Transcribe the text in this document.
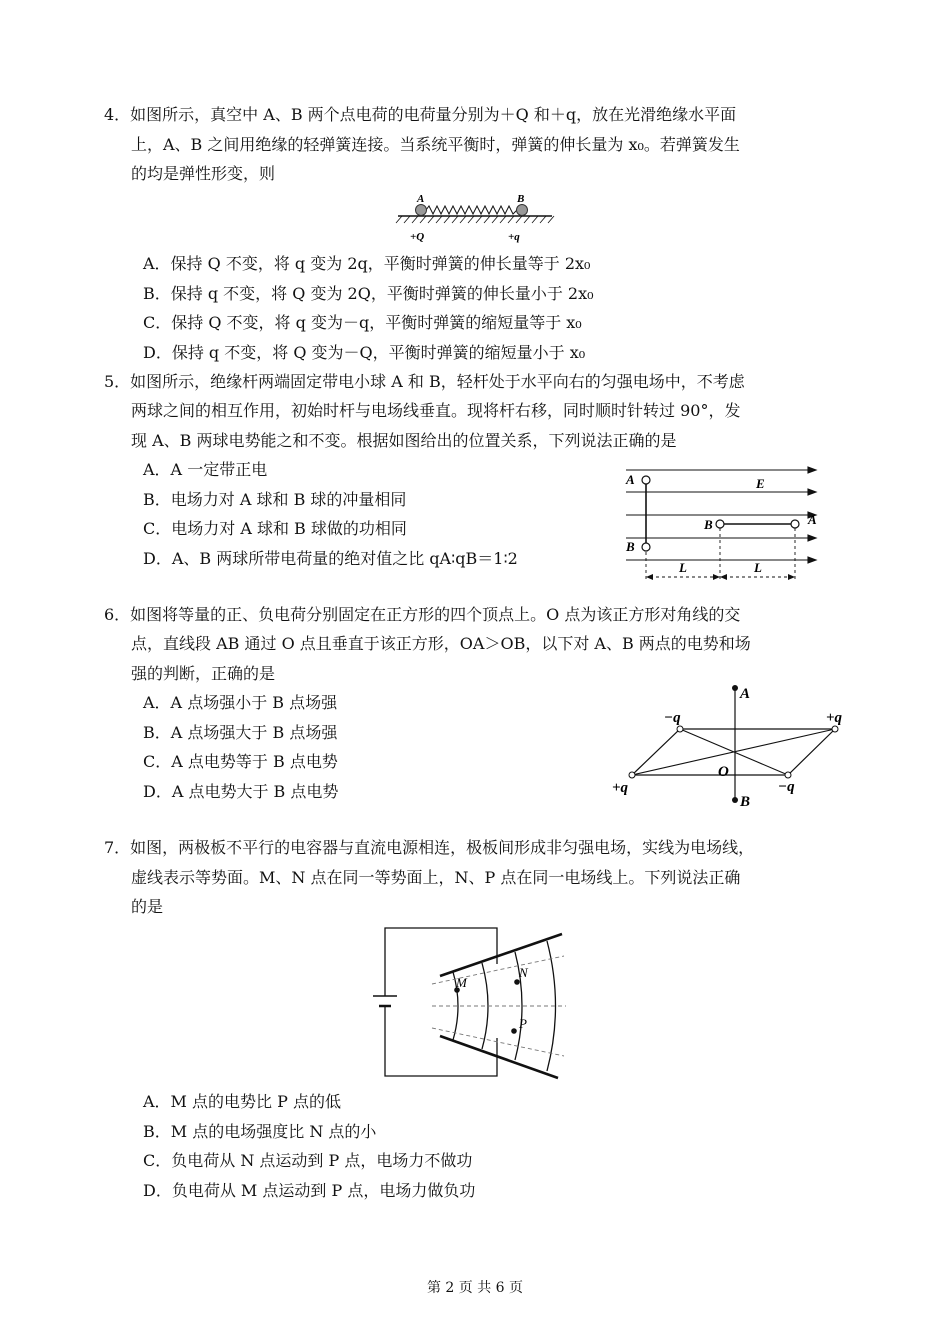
4．如图所示，真空中 A、B 两个点电荷的电荷量分别为＋Q 和＋q，放在光滑绝缘水平面
上，A、B 之间用绝缘的轻弹簧连接。当系统平衡时，弹簧的伸长量为 x₀。若弹簧发生
的均是弹性形变，则
A	B
+Q	+q
A．保持 Q 不变，将 q 变为 2q，平衡时弹簧的伸长量等于 2x₀
B．保持 q 不变，将 Q 变为 2Q，平衡时弹簧的伸长量小于 2x₀
C．保持 Q 不变，将 q 变为－q，平衡时弹簧的缩短量等于 x₀
D．保持 q 不变，将 Q 变为－Q，平衡时弹簧的缩短量小于 x₀
5．如图所示，绝缘杆两端固定带电小球 A 和 B，轻杆处于水平向右的匀强电场中，不考虑
两球之间的相互作用，初始时杆与电场线垂直。现将杆右移，同时顺时针转过 90°，发
现 A、B 两球电势能之和不变。根据如图给出的位置关系，下列说法正确的是
A．A 一定带正电
B．电场力对 A 球和 B 球的冲量相同
C．电场力对 A 球和 B 球做的功相同
D．A、B 两球所带电荷量的绝对值之比 qA∶qB＝1∶2
A
B
B	A
E
L	L
6．如图将等量的正、负电荷分别固定在正方形的四个顶点上。O 点为该正方形对角线的交
点，直线段 AB 通过 O 点且垂直于该正方形，OA＞OB，以下对 A、B 两点的电势和场
强的判断，正确的是
A．A 点场强小于 B 点场强
B．A 点场强大于 B 点场强
C．A 点电势等于 B 点电势
D．A 点电势大于 B 点电势
A
B
O
−q	+q
+q	−q
7．如图，两极板不平行的电容器与直流电源相连，极板间形成非匀强电场，实线为电场线，
虚线表示等势面。M、N 点在同一等势面上，N、P 点在同一电场线上。下列说法正确
的是
M
N
P
A．M 点的电势比 P 点的低
B．M 点的电场强度比 N 点的小
C．负电荷从 N 点运动到 P 点，电场力不做功
D．负电荷从 M 点运动到 P 点，电场力做负功
第 2 页 共 6 页
